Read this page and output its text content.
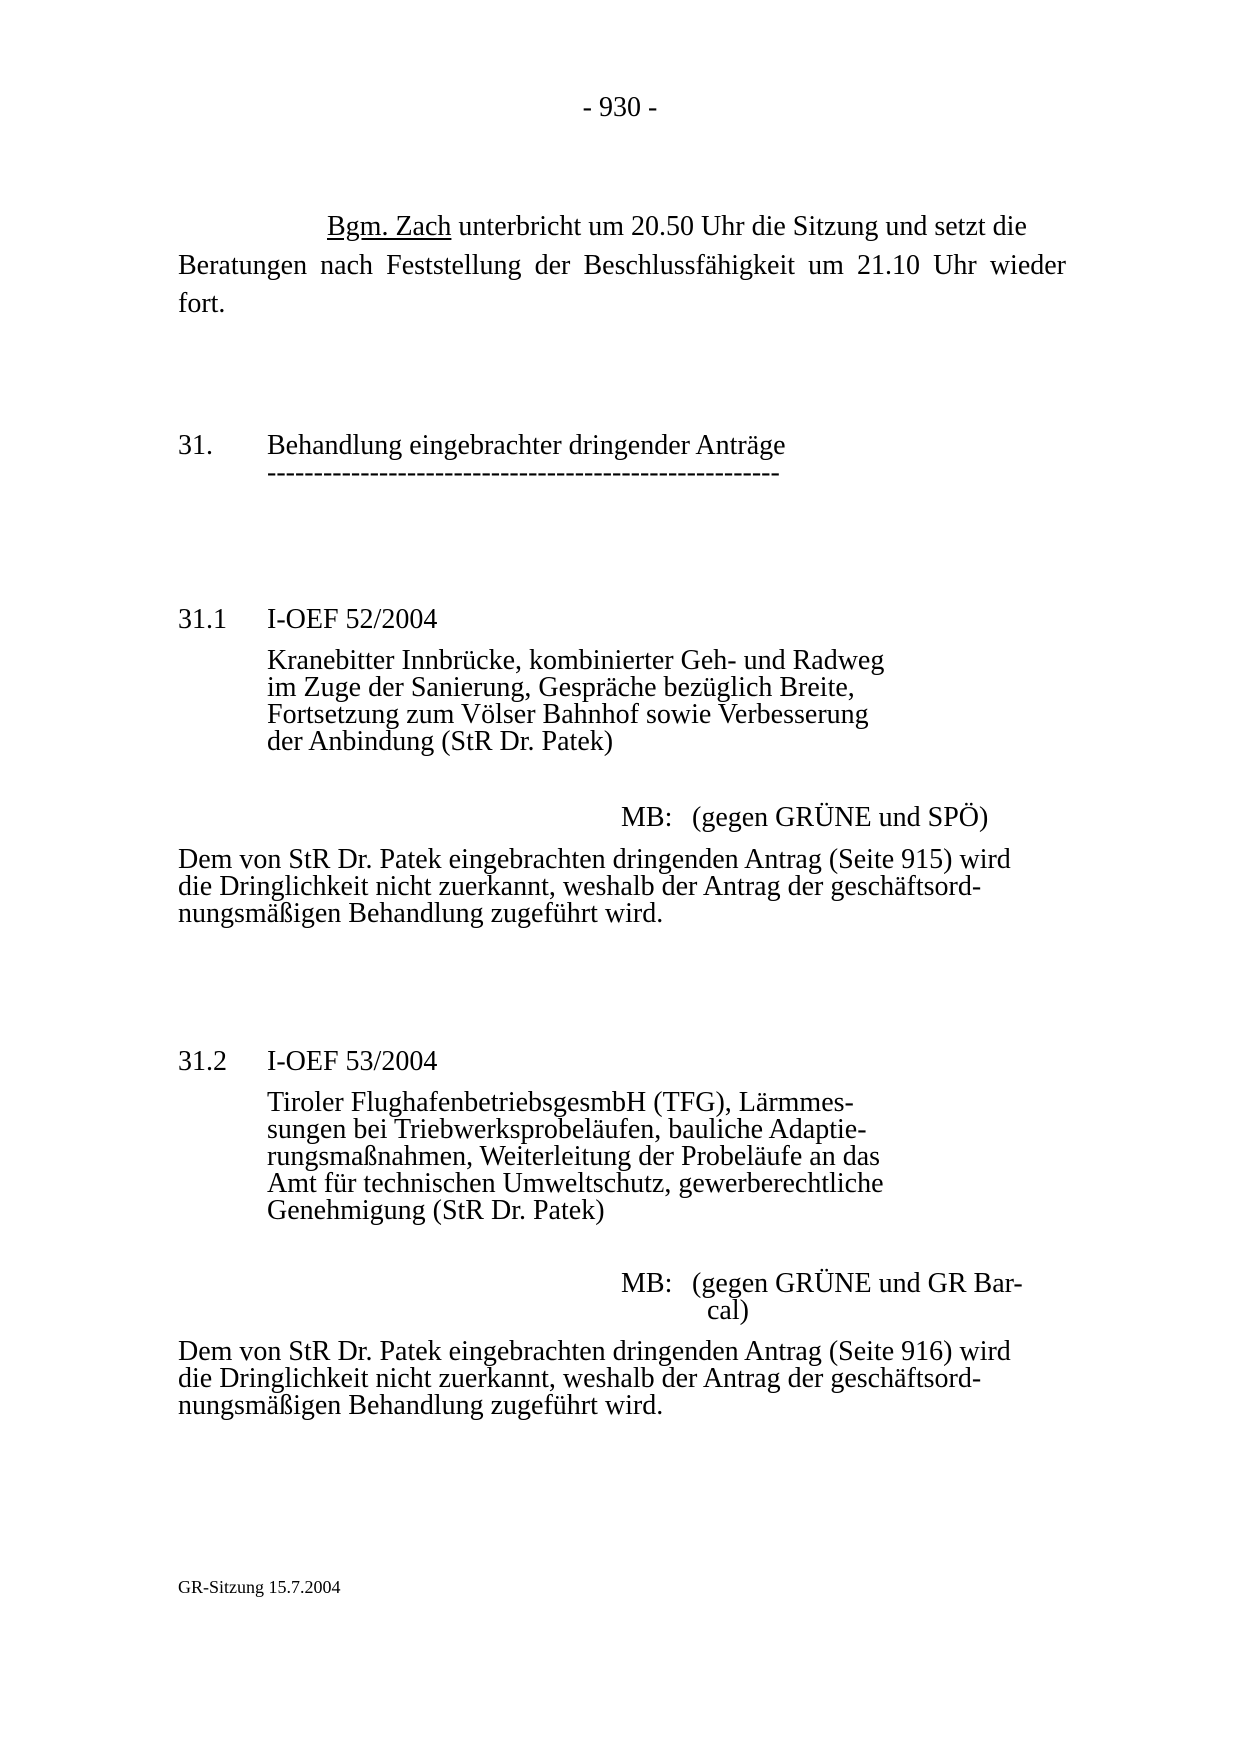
- 930 -
Bgm. Zach unterbricht um 20.50 Uhr die Sitzung und setzt die
Beratungen nach Feststellung der Beschlussfähigkeit um 21.10 Uhr wieder
fort.
31. Behandlung eingebrachter dringender Anträge
-------------------------------------------------------
31.1 I-OEF 52/2004
Kranebitter Innbrücke, kombinierter Geh- und Radweg
im Zuge der Sanierung, Gespräche bezüglich Breite,
Fortsetzung zum Völser Bahnhof sowie Verbesserung
der Anbindung (StR Dr. Patek)
MB: (gegen GRÜNE und SPÖ)
Dem von StR Dr. Patek eingebrachten dringenden Antrag (Seite 915) wird
die Dringlichkeit nicht zuerkannt, weshalb der Antrag der geschäftsord-
nungsmäßigen Behandlung zugeführt wird.
31.2 I-OEF 53/2004
Tiroler FlughafenbetriebsgesmbH (TFG), Lärmmes-
sungen bei Triebwerksprobeläufen, bauliche Adaptie-
rungsmaßnahmen, Weiterleitung der Probeläufe an das
Amt für technischen Umweltschutz, gewerberechtliche
Genehmigung (StR Dr. Patek)
MB: (gegen GRÜNE und GR Bar-
cal)
Dem von StR Dr. Patek eingebrachten dringenden Antrag (Seite 916) wird
die Dringlichkeit nicht zuerkannt, weshalb der Antrag der geschäftsord-
nungsmäßigen Behandlung zugeführt wird.
GR-Sitzung 15.7.2004
